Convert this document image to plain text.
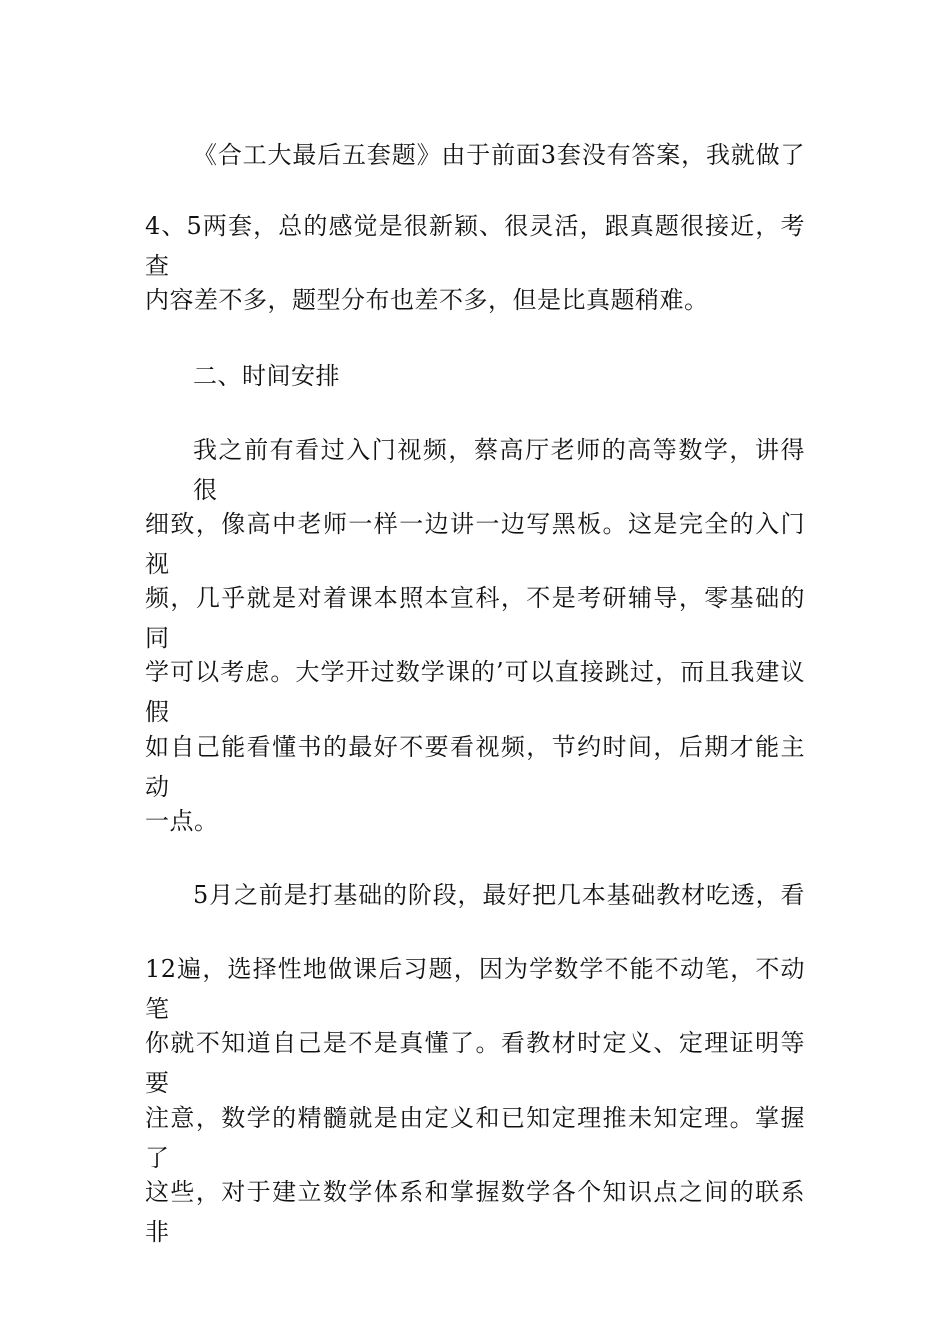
《合工大最后五套题》由于前面3套没有答案，我就做了
4、5两套，总的感觉是很新颖、很灵活，跟真题很接近，考查
内容差不多，题型分布也差不多，但是比真题稍难。
二、时间安排
我之前有看过入门视频，蔡高厅老师的高等数学，讲得很
细致，像高中老师一样一边讲一边写黑板。这是完全的入门视
频，几乎就是对着课本照本宣科，不是考研辅导，零基础的同
学可以考虑。大学开过数学课的’可以直接跳过，而且我建议假
如自己能看懂书的最好不要看视频，节约时间，后期才能主动
一点。
5月之前是打基础的阶段，最好把几本基础教材吃透，看
12遍，选择性地做课后习题，因为学数学不能不动笔，不动笔
你就不知道自己是不是真懂了。看教材时定义、定理证明等要
注意，数学的精髓就是由定义和已知定理推未知定理。掌握了
这些，对于建立数学体系和掌握数学各个知识点之间的联系非
